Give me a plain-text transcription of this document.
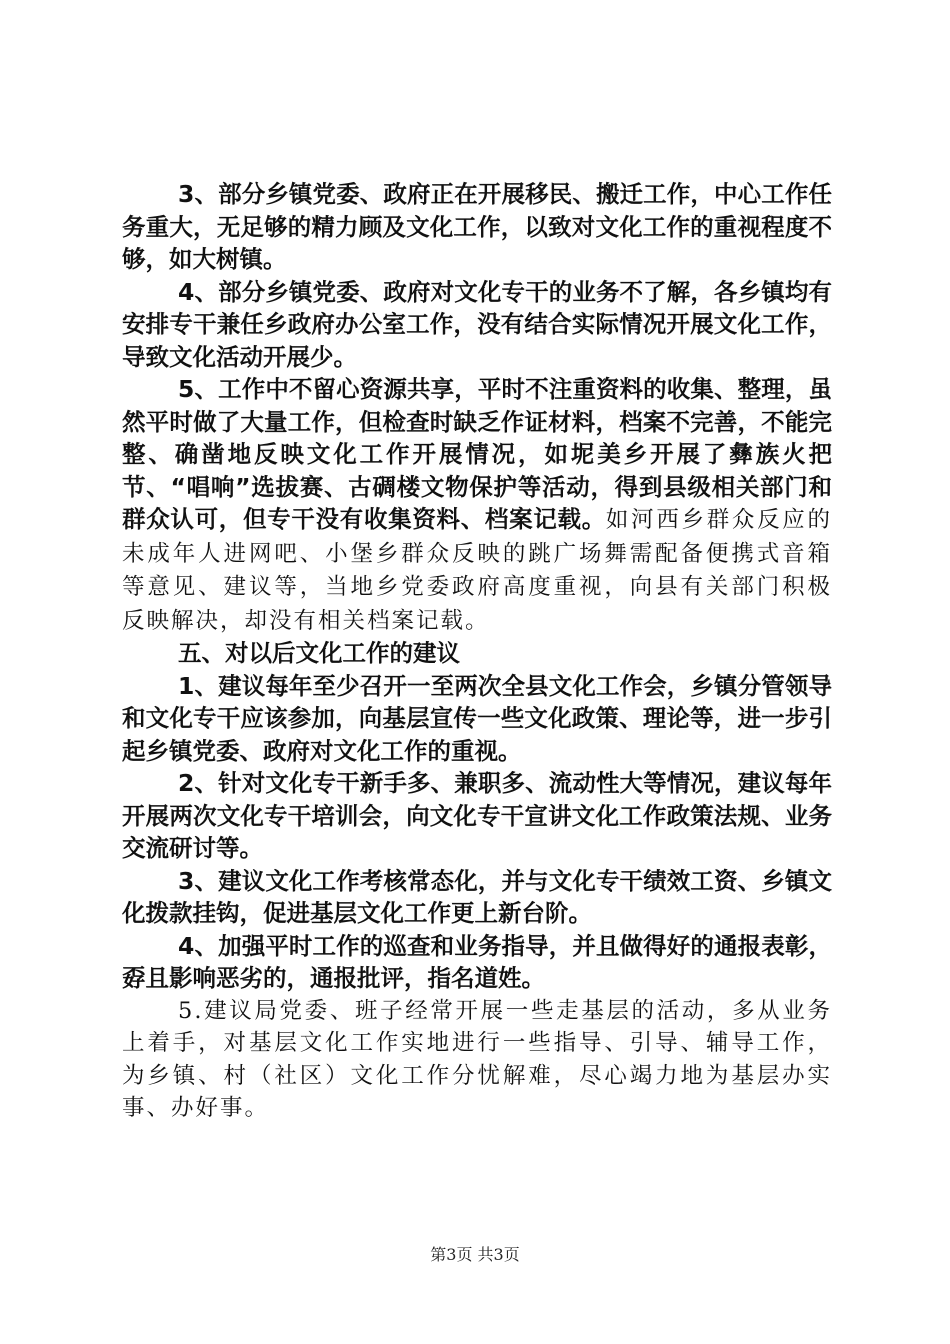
3、部分乡镇党委、政府正在开展移民、搬迁工作，中心工作任务重大，无足够的精力顾及文化工作，以致对文化工作的重视程度不够，如大树镇。

4、部分乡镇党委、政府对文化专干的业务不了解，各乡镇均有安排专干兼任乡政府办公室工作，没有结合实际情况开展文化工作，导致文化活动开展少。

5、工作中不留心资源共享，平时不注重资料的收集、整理，虽然平时做了大量工作，但检查时缺乏作证材料，档案不完善，不能完整、确凿地反映文化工作开展情况，如坭美乡开展了彝族火把节、“唱响”选拔赛、古碉楼文物保护等活动，得到县级相关部门和群众认可，但专干没有收集资料、档案记载。如河西乡群众反应的未成年人进网吧、小堡乡群众反映的跳广场舞需配备便携式音箱等意见、建议等，当地乡党委政府高度重视，向县有关部门积极反映解决，却没有相关档案记载。

五、对以后文化工作的建议

1、建议每年至少召开一至两次全县文化工作会，乡镇分管领导和文化专干应该参加，向基层宣传一些文化政策、理论等，进一步引起乡镇党委、政府对文化工作的重视。

2、针对文化专干新手多、兼职多、流动性大等情况，建议每年开展两次文化专干培训会，向文化专干宣讲文化工作政策法规、业务交流研讨等。

3、建议文化工作考核常态化，并与文化专干绩效工资、乡镇文化拨款挂钩，促进基层文化工作更上新台阶。

4、加强平时工作的巡查和业务指导，并且做得好的通报表彰，孬且影响恶劣的，通报批评，指名道姓。

5.建议局党委、班子经常开展一些走基层的活动，多从业务上着手，对基层文化工作实地进行一些指导、引导、辅导工作，为乡镇、村（社区）文化工作分忧解难，尽心竭力地为基层办实事、办好事。

第3页 共3页
